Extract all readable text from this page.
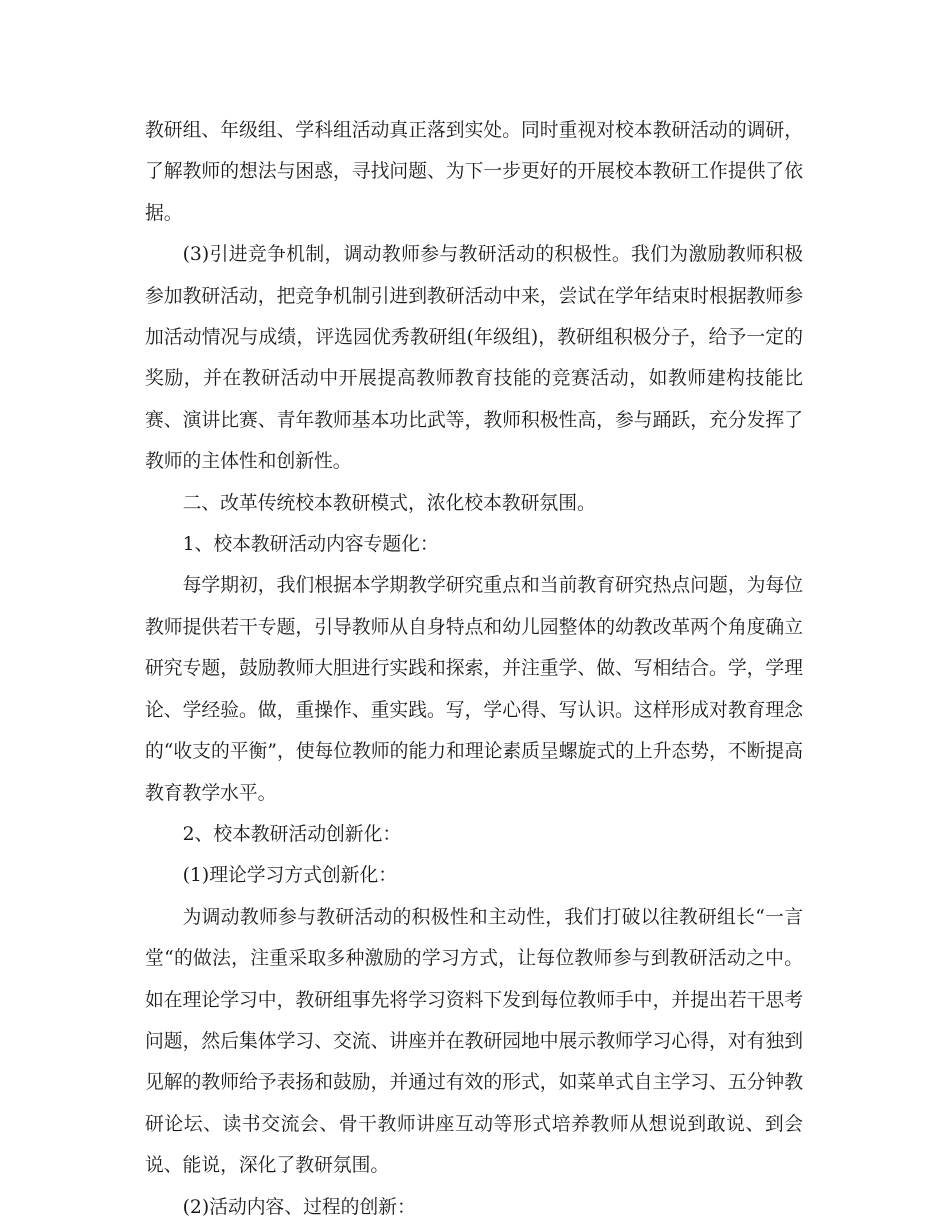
教研组、年级组、学科组活动真正落到实处。同时重视对校本教研活动的调研，了解教师的想法与困惑，寻找问题、为下一步更好的开展校本教研工作提供了依据。

(3)引进竞争机制，调动教师参与教研活动的积极性。我们为激励教师积极参加教研活动，把竞争机制引进到教研活动中来，尝试在学年结束时根据教师参加活动情况与成绩，评选园优秀教研组(年级组)，教研组积极分子，给予一定的奖励，并在教研活动中开展提高教师教育技能的竞赛活动，如教师建构技能比赛、演讲比赛、青年教师基本功比武等，教师积极性高，参与踊跃，充分发挥了教师的主体性和创新性。

二、改革传统校本教研模式，浓化校本教研氛围。

1、校本教研活动内容专题化：

每学期初，我们根据本学期教学研究重点和当前教育研究热点问题，为每位教师提供若干专题，引导教师从自身特点和幼儿园整体的幼教改革两个角度确立研究专题，鼓励教师大胆进行实践和探索，并注重学、做、写相结合。学，学理论、学经验。做，重操作、重实践。写，学心得、写认识。这样形成对教育理念的“收支的平衡”，使每位教师的能力和理论素质呈螺旋式的上升态势，不断提高教育教学水平。

2、校本教研活动创新化：

(1)理论学习方式创新化：

为调动教师参与教研活动的积极性和主动性，我们打破以往教研组长“一言堂“的做法，注重采取多种激励的学习方式，让每位教师参与到教研活动之中。如在理论学习中，教研组事先将学习资料下发到每位教师手中，并提出若干思考问题，然后集体学习、交流、讲座并在教研园地中展示教师学习心得，对有独到见解的教师给予表扬和鼓励，并通过有效的形式，如菜单式自主学习、五分钟教研论坛、读书交流会、骨干教师讲座互动等形式培养教师从想说到敢说、到会说、能说，深化了教研氛围。

(2)活动内容、过程的创新：
